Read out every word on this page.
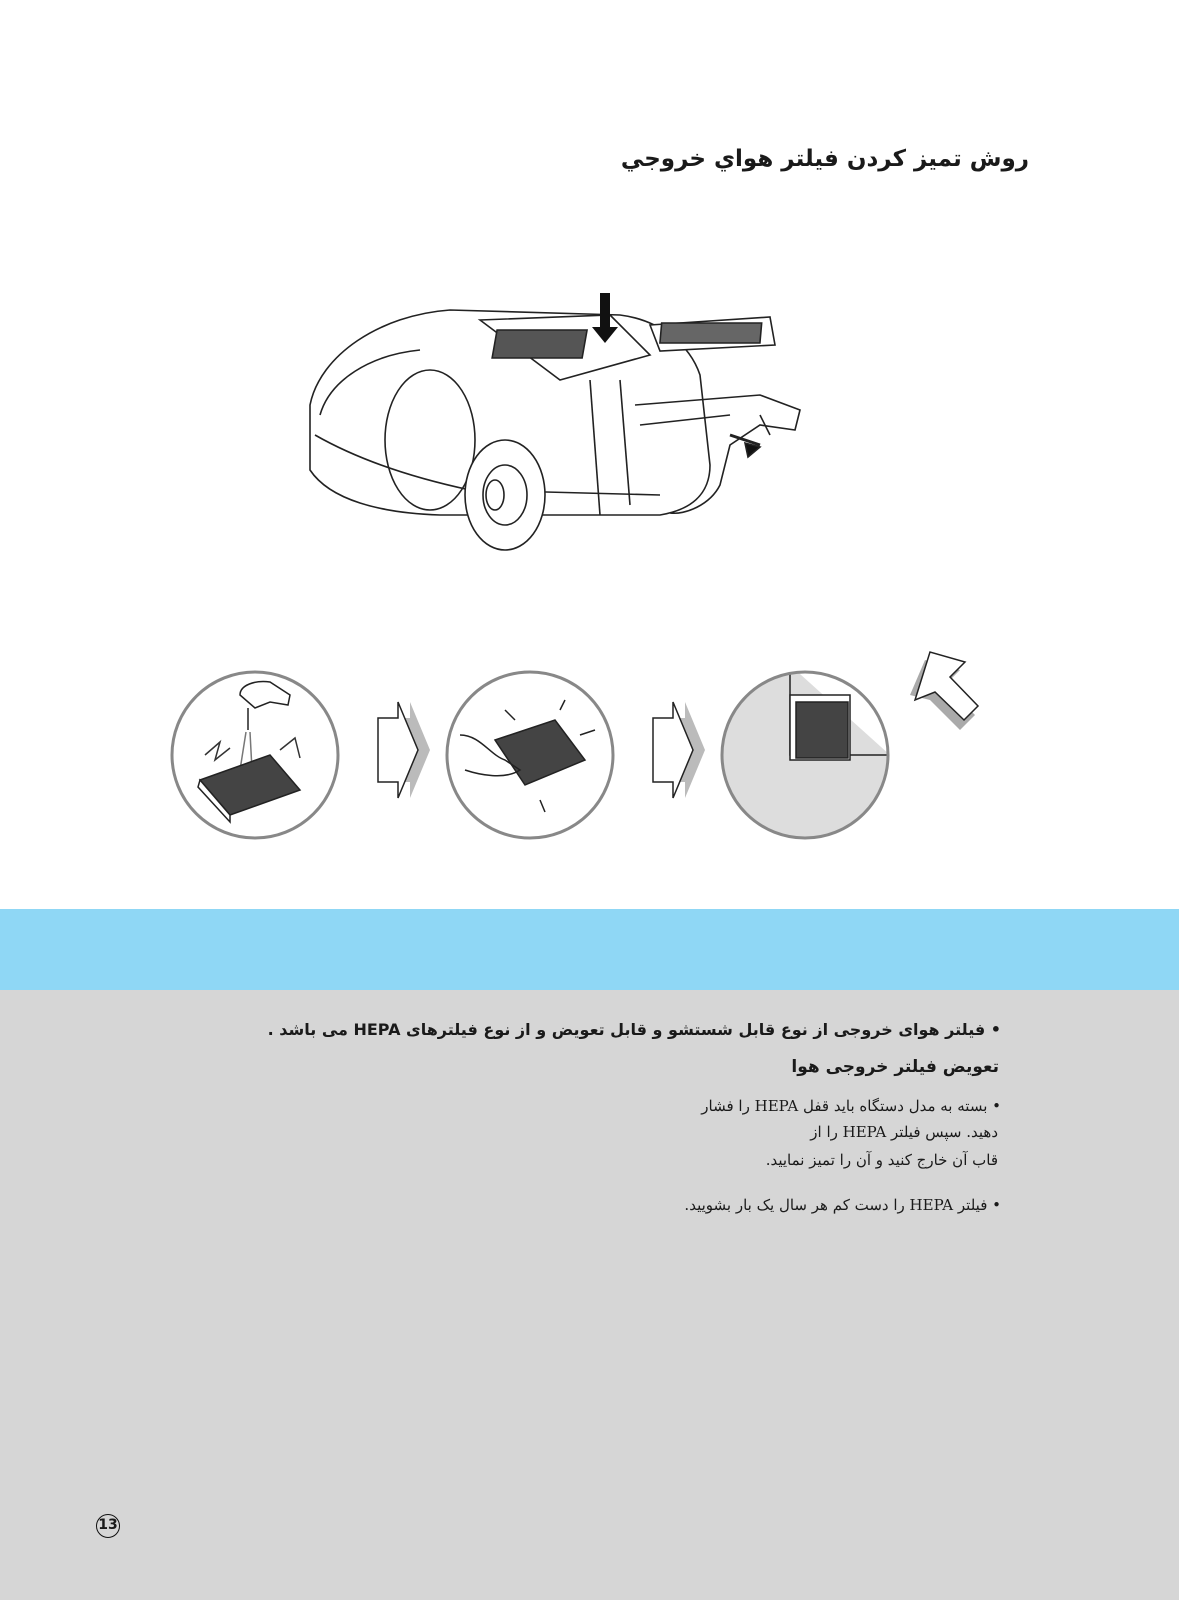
روش تميز كردن فيلتر هواي خروجي
• فیلتر هوای خروجی از نوع قابل شستشو و قابل تعویض و از نوع فیلترهای HEPA می باشد .
تعویض فیلتر خروجی هوا
• بسته به مدل دستگاه باید قفل HEPA را فشار
دهید. سپس فیلتر HEPA را از
قاب آن خارج کنید و آن را تمیز نمایید.
• فیلتر HEPA را دست کم هر سال یک بار بشویید.
13
